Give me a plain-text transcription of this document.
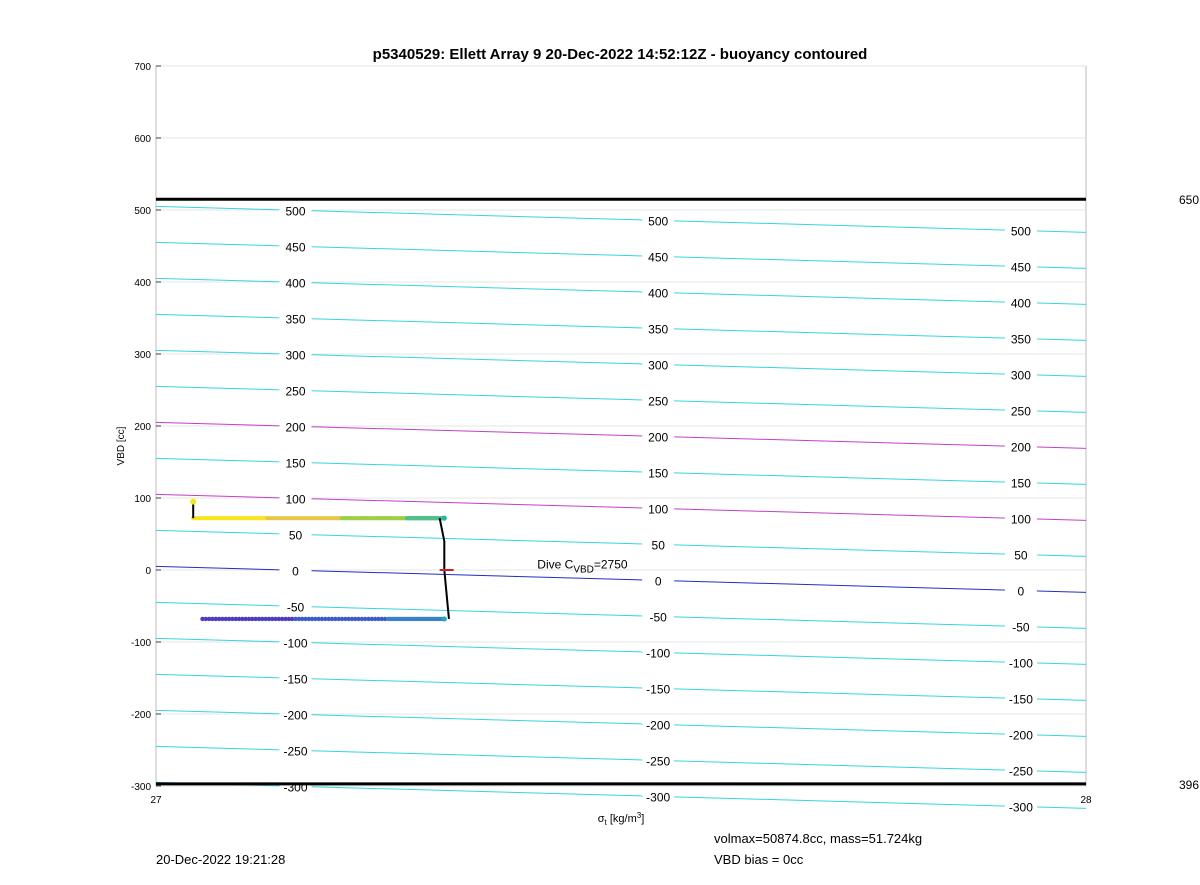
p5340529: Ellett Array 9 20-Dec-2022 14:52:12Z - buoyancy contoured
-300
-200
-100
0
100
200
300
400
500
600
700
27	28
500
500
500
450
450
450
400
400
400
350
350
350
300
300
300
250
250
250
200
200
200
150
150
150
100
100
100
50
50
50
0
0
0
-50
-50
-50
-100
-100
-100
-150
-150
-150
-200
-200
-200
-250
-250
-250
-300
-300
-300
650
396
Dive $C_{VBD}=2750$
VBD [cc]
$\sigma_t$ $[kg/m^3]$
20-Dec-2022 19:21:28
volmax=50874.8cc, mass=51.724kg
VBD bias = 0cc
